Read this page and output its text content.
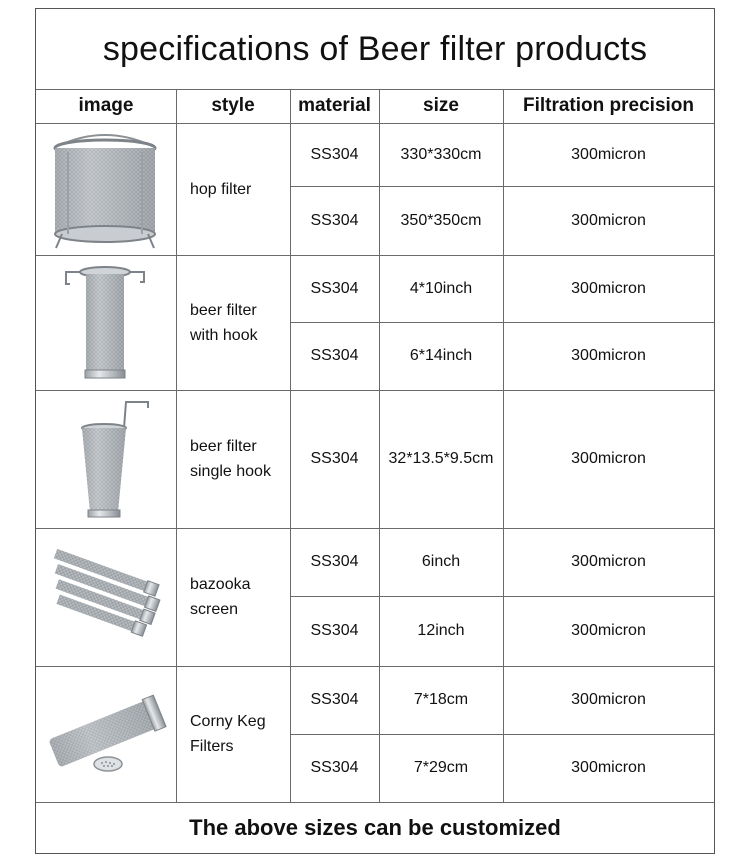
specifications of Beer filter products
image	style	material	size	Filtration precision
hop filter
SS304	330*330cm	300micron
SS304	350*350cm	300micron
beer filter
with hook
SS304	4*10inch	300micron
SS304	6*14inch	300micron
beer filter
single hook
SS304	32*13.5*9.5cm	300micron
bazooka
screen
SS304	6inch	300micron
SS304	12inch	300micron
Corny Keg
Filters
SS304	7*18cm	300micron
SS304	7*29cm	300micron
The above sizes can be customized
